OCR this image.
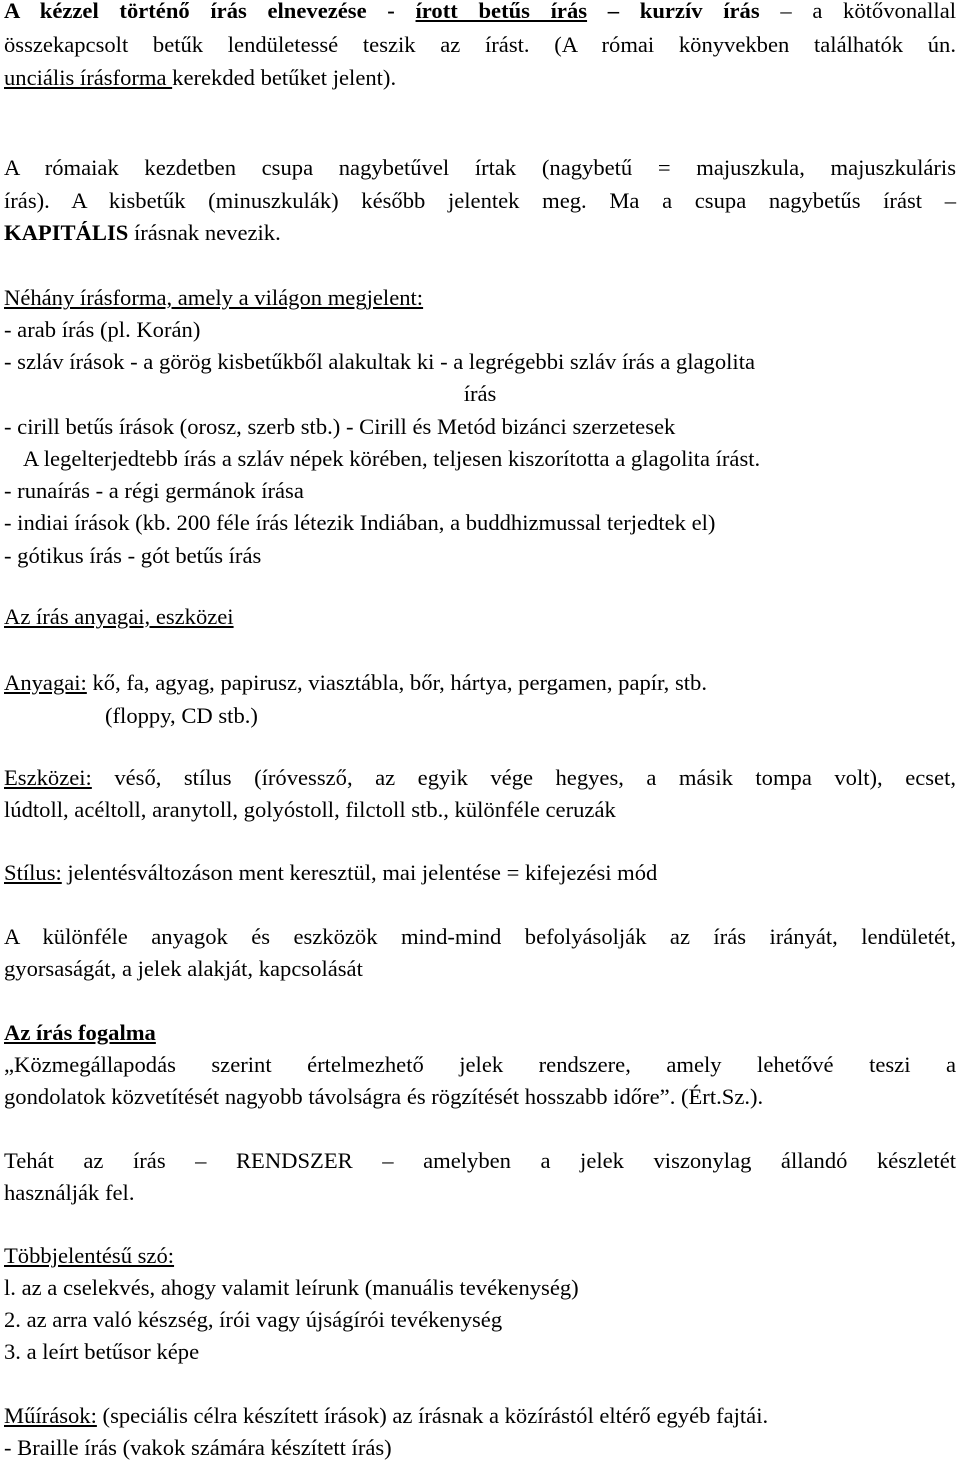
A kézzel történő írás elnevezése - írott betűs írás – kurzív írás – a kötővonallal
összekapcsolt betűk lendületessé teszik az írást. (A római könyvekben találhatók ún.
unciális írásforma kerekded betűket jelent).
A rómaiak kezdetben csupa nagybetűvel írtak (nagybetű = majuszkula, majuszkuláris
írás). A kisbetűk (minuszkulák) később jelentek meg. Ma a csupa nagybetűs írást –
KAPITÁLIS írásnak nevezik.
Néhány írásforma, amely a világon megjelent:
- arab írás (pl. Korán)
- szláv írások - a görög kisbetűkből alakultak ki - a legrégebbi szláv írás a glagolita
írás
- cirill betűs írások (orosz, szerb stb.) - Cirill és Metód bizánci szerzetesek
A legelterjedtebb írás a szláv népek körében, teljesen kiszorította a glagolita írást.
- runaírás - a régi germánok írása
- indiai írások (kb. 200 féle írás létezik Indiában, a buddhizmussal terjedtek el)
- gótikus írás - gót betűs írás
Az írás anyagai, eszközei
Anyagai: kő, fa, agyag, papirusz, viasztábla, bőr, hártya, pergamen, papír, stb.
(floppy, CD stb.)
Eszközei: véső, stílus (íróvessző, az egyik vége hegyes, a másik tompa volt), ecset,
lúdtoll, acéltoll, aranytoll, golyóstoll, filctoll stb., különféle ceruzák
Stílus: jelentésváltozáson ment keresztül, mai jelentése = kifejezési mód
A különféle anyagok és eszközök mind-mind befolyásolják az írás irányát, lendületét,
gyorsaságát, a jelek alakját, kapcsolását
Az írás fogalma
„Közmegállapodás szerint értelmezhető jelek rendszere, amely lehetővé teszi a
gondolatok közvetítését nagyobb távolságra és rögzítését hosszabb időre”. (Ért.Sz.).
Tehát az írás – RENDSZER – amelyben a jelek viszonylag állandó készletét
használják fel.
Többjelentésű szó:
l. az a cselekvés, ahogy valamit leírunk (manuális tevékenység)
2. az arra való készség, írói vagy újságírói tevékenység
3. a leírt betűsor képe
Műírások: (speciális célra készített írások) az írásnak a közírástól eltérő egyéb fajtái.
- Braille írás (vakok számára készített írás)
